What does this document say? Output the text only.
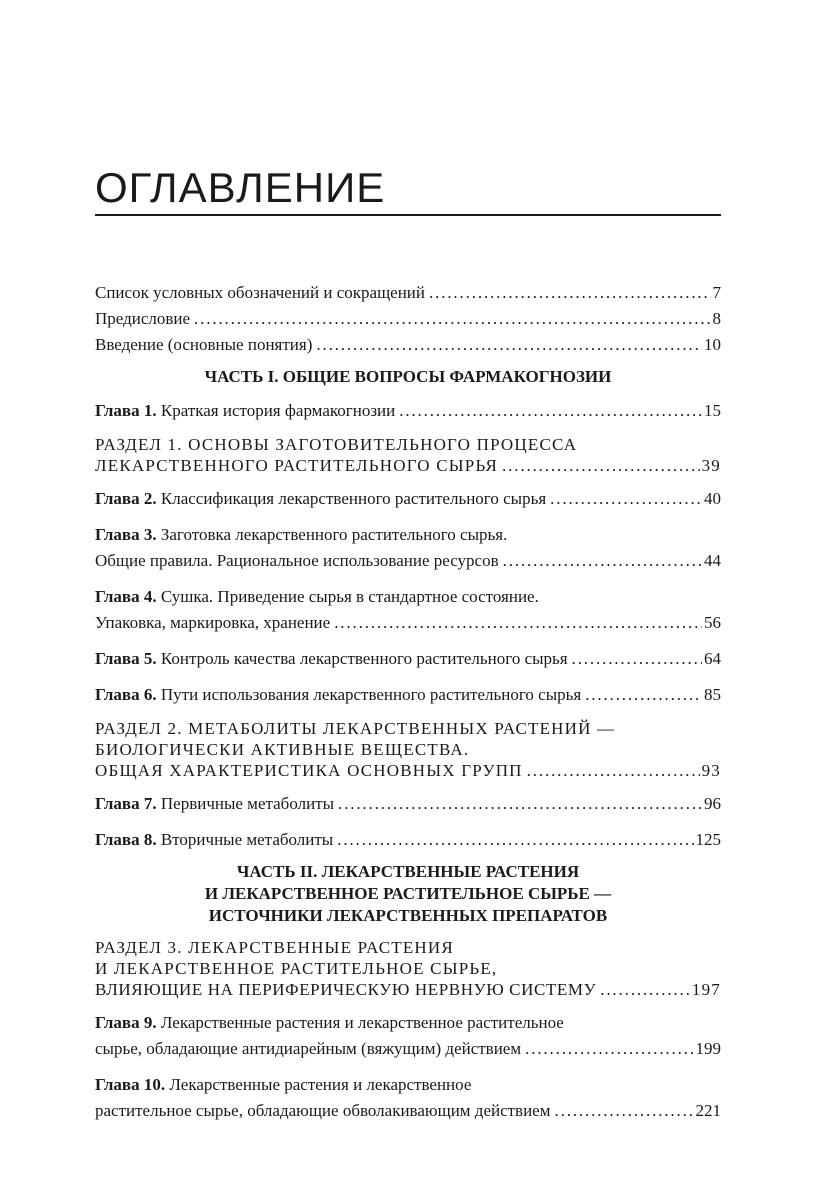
ОГЛАВЛЕНИЕ
Список условных обозначений и сокращений . . .	7
Предисловие . . .	8
Введение (основные понятия) . . .	10
ЧАСТЬ I. ОБЩИЕ ВОПРОСЫ ФАРМАКОГНОЗИИ
Глава 1. Краткая история фармакогнозии . . .	15
РАЗДЕЛ 1. ОСНОВЫ ЗАГОТОВИТЕЛЬНОГО ПРОЦЕССА
ЛЕКАРСТВЕННОГО РАСТИТЕЛЬНОГО СЫРЬЯ . . .	39
Глава 2. Классификация лекарственного растительного сырья . . .	40
Глава 3. Заготовка лекарственного растительного сырья.
Общие правила. Рациональное использование ресурсов . . .	44
Глава 4. Сушка. Приведение сырья в стандартное состояние.
Упаковка, маркировка, хранение . . .	56
Глава 5. Контроль качества лекарственного растительного сырья . . .	64
Глава 6. Пути использования лекарственного растительного сырья . . .	85
РАЗДЕЛ 2. МЕТАБОЛИТЫ ЛЕКАРСТВЕННЫХ РАСТЕНИЙ —
БИОЛОГИЧЕСКИ АКТИВНЫЕ ВЕЩЕСТВА.
ОБЩАЯ ХАРАКТЕРИСТИКА ОСНОВНЫХ ГРУПП . . .	93
Глава 7. Первичные метаболиты . . .	96
Глава 8. Вторичные метаболиты . . .	125
ЧАСТЬ II. ЛЕКАРСТВЕННЫЕ РАСТЕНИЯ
И ЛЕКАРСТВЕННОЕ РАСТИТЕЛЬНОЕ СЫРЬЕ —
ИСТОЧНИКИ ЛЕКАРСТВЕННЫХ ПРЕПАРАТОВ
РАЗДЕЛ 3. ЛЕКАРСТВЕННЫЕ РАСТЕНИЯ
И ЛЕКАРСТВЕННОЕ РАСТИТЕЛЬНОЕ СЫРЬЕ,
ВЛИЯЮЩИЕ НА ПЕРИФЕРИЧЕСКУЮ НЕРВНУЮ СИСТЕМУ . . .	197
Глава 9. Лекарственные растения и лекарственное растительное
сырье, обладающие антидиарейным (вяжущим) действием . . .	199
Глава 10. Лекарственные растения и лекарственное
растительное сырье, обладающие обволакивающим действием . . .	221
